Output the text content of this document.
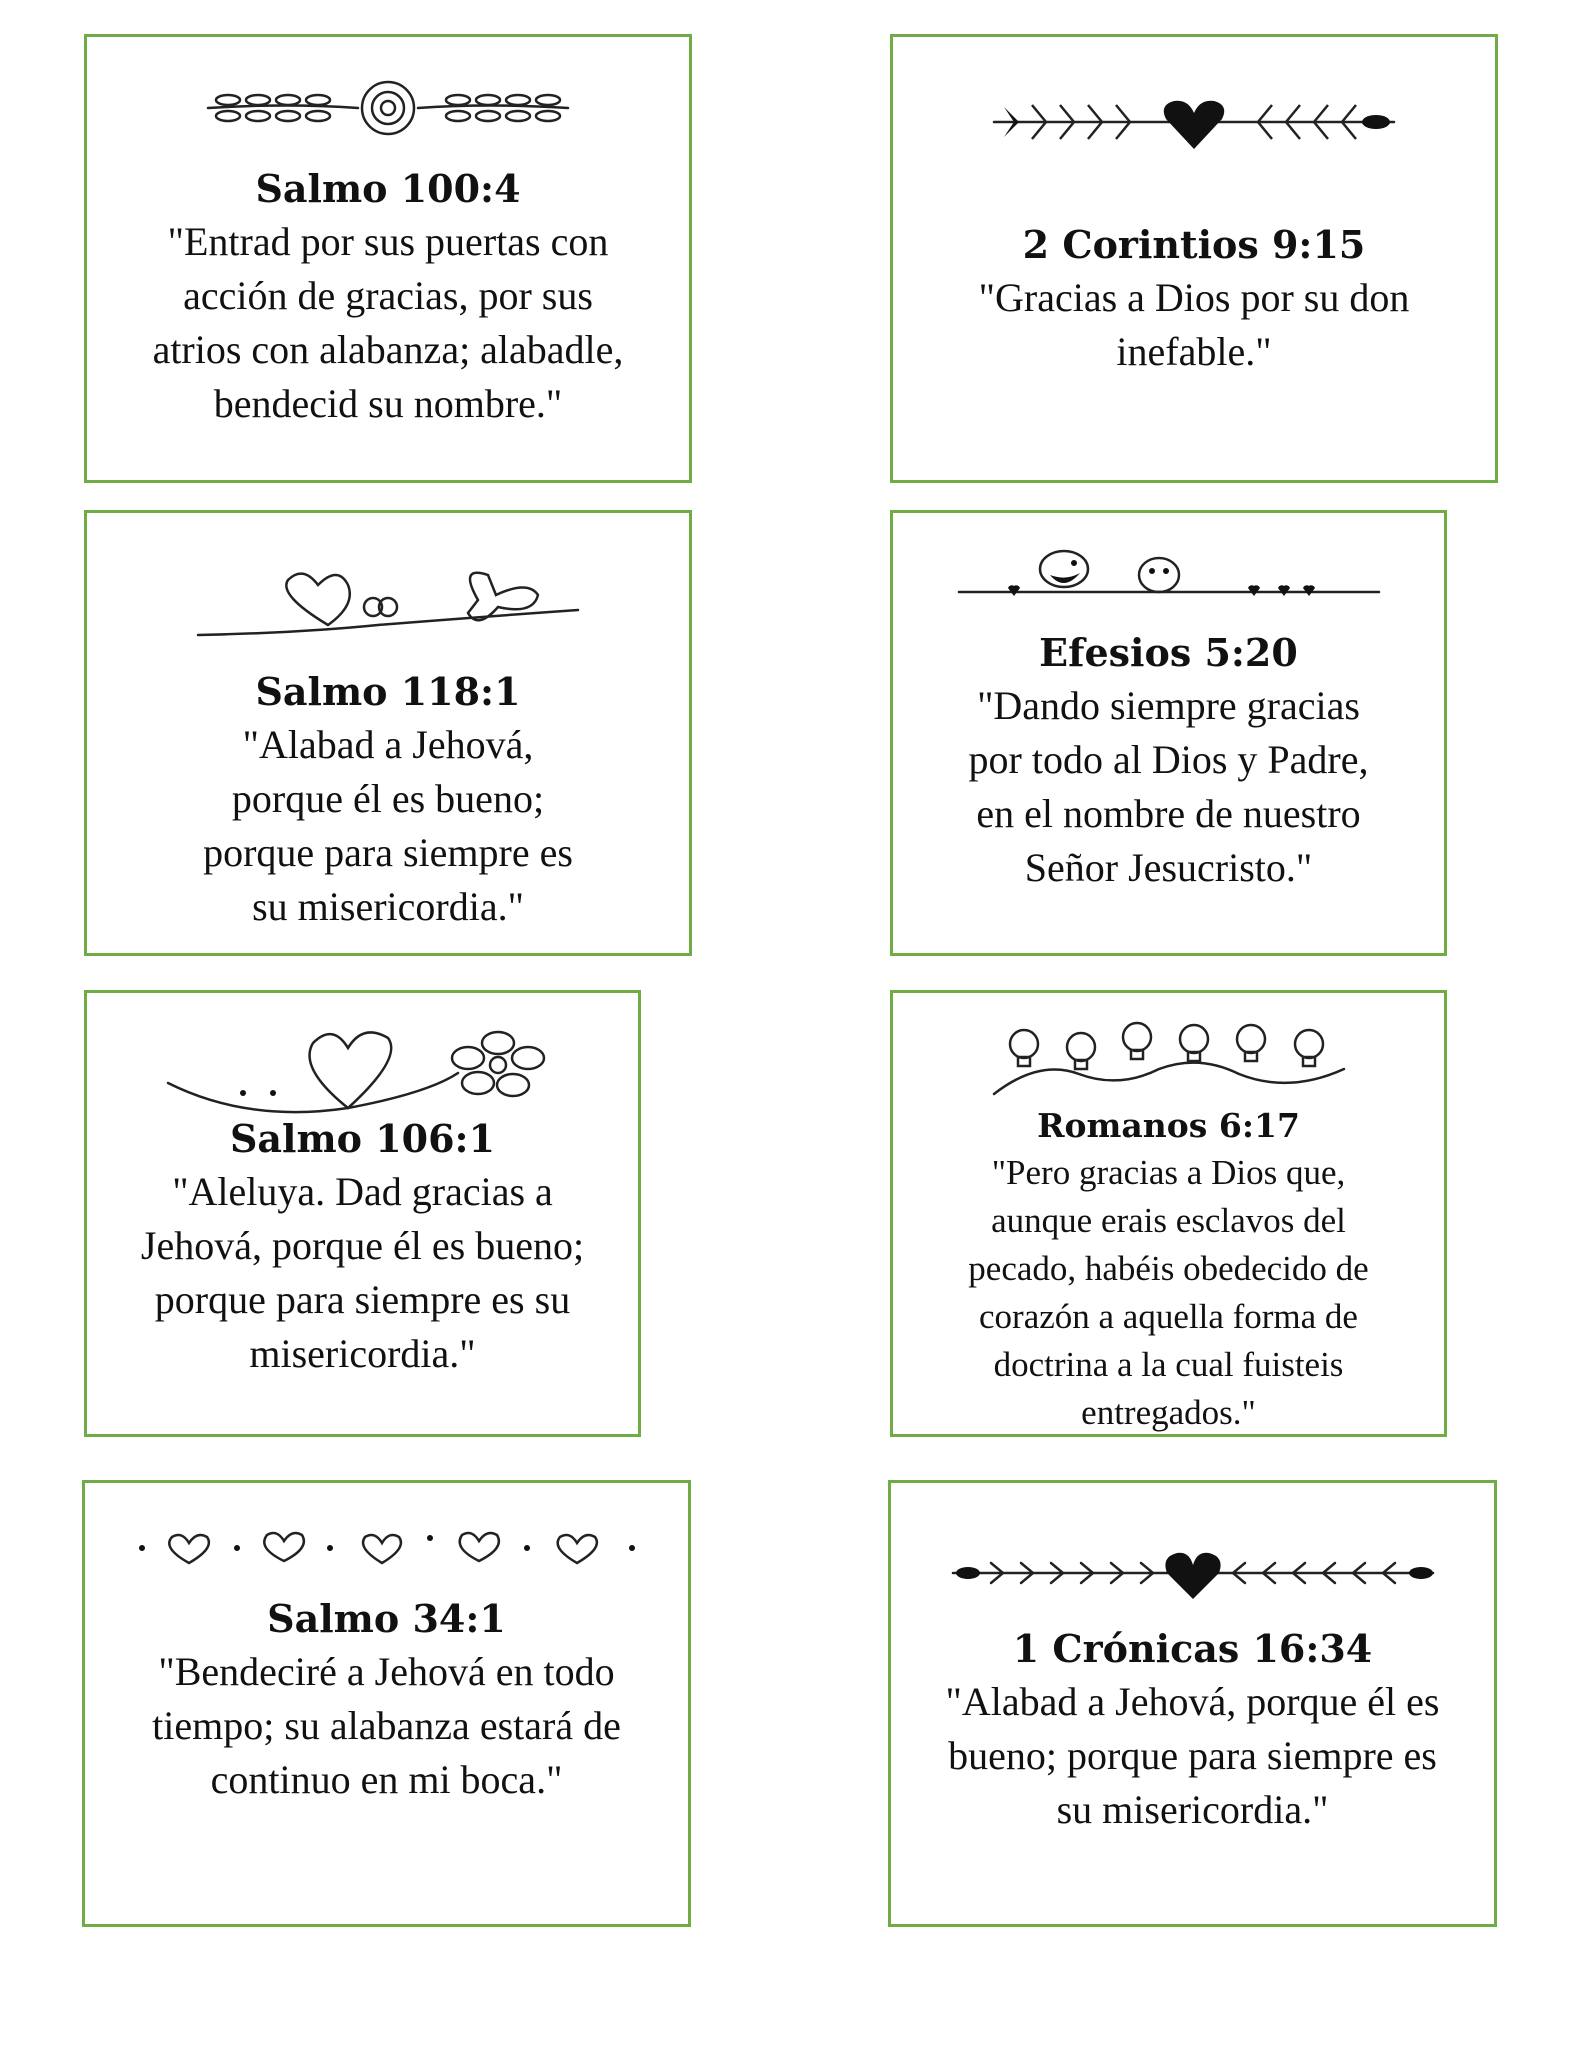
Salmo 100:4
"Entrad por sus puertas con
acción de gracias, por sus
atrios con alabanza; alabadle,
bendecid su nombre."
2 Corintios 9:15
"Gracias a Dios por su don
inefable."
Salmo 118:1
"Alabad a Jehová,
porque él es bueno;
porque para siempre es
su misericordia."
Efesios 5:20
"Dando siempre gracias
por todo al Dios y Padre,
en el nombre de nuestro
Señor Jesucristo."
Salmo 106:1
"Aleluya. Dad gracias a
Jehová, porque él es bueno;
porque para siempre es su
misericordia."
Romanos 6:17
"Pero gracias a Dios que,
aunque erais esclavos del
pecado, habéis obedecido de
corazón a aquella forma de
doctrina a la cual fuisteis
entregados."
Salmo 34:1
"Bendeciré a Jehová en todo
tiempo; su alabanza estará de
continuo en mi boca."
1 Crónicas 16:34
"Alabad a Jehová, porque él es
bueno; porque para siempre es
su misericordia."
